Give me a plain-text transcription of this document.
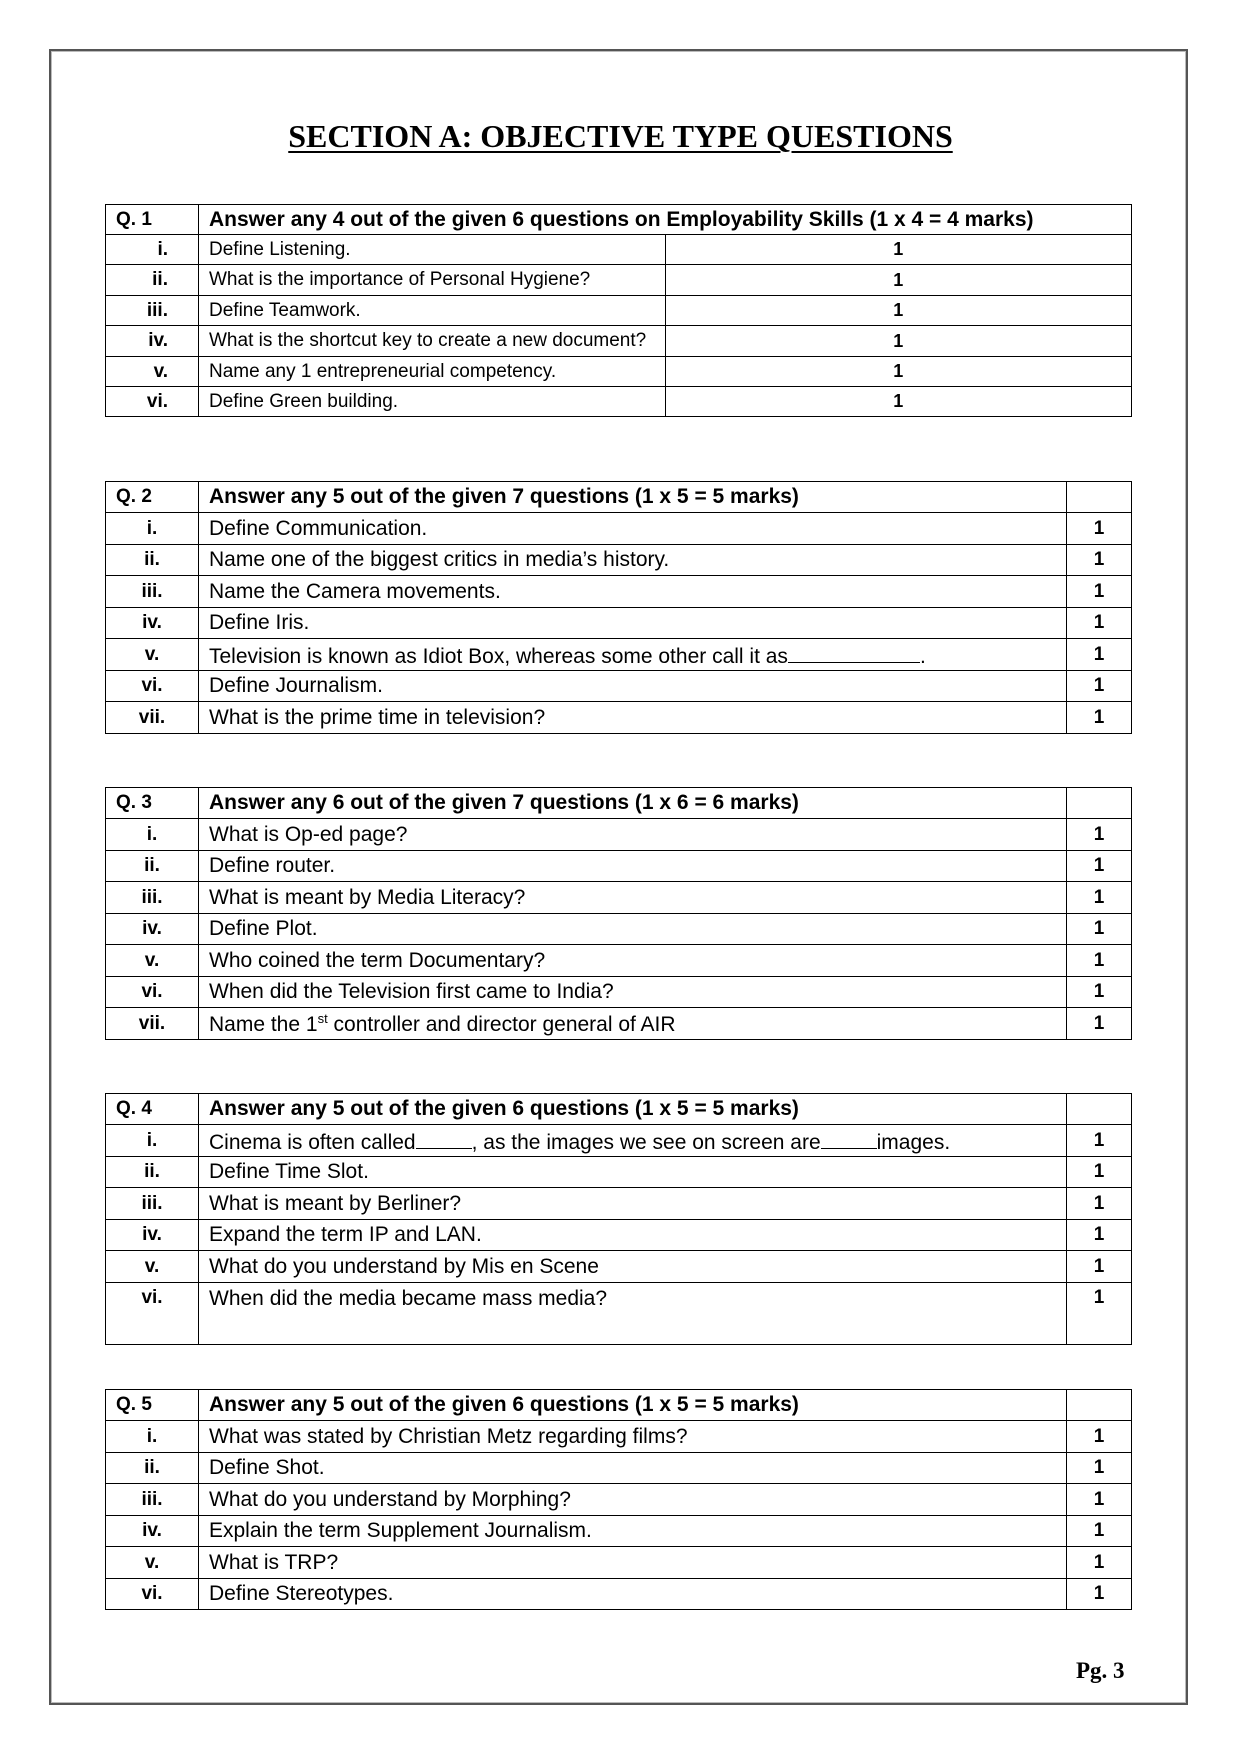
SECTION A: OBJECTIVE TYPE QUESTIONS
Q. 1	Answer any 4 out of the given 6 questions on Employability Skills (1 x 4 = 4 marks)	
i.	Define Listening.	1
ii.	What is the importance of Personal Hygiene?	1
iii.	Define Teamwork.	1
iv.	What is the shortcut key to create a new document?	1
v.	Name any 1 entrepreneurial competency.	1
vi.	Define Green building.	1
Q. 2	Answer any 5 out of the given 7 questions (1 x 5 = 5 marks)	
i.	Define Communication.	1
ii.	Name one of the biggest critics in media’s history.	1
iii.	Name the Camera movements.	1
iv.	Define Iris.	1
v.	Television is known as Idiot Box, whereas some other call it as .	1
vi.	Define Journalism.	1
vii.	What is the prime time in television?	1
Q. 3	Answer any 6 out of the given 7 questions (1 x 6 = 6 marks)	
i.	What is Op-ed page?	1
ii.	Define router.	1
iii.	What is meant by Media Literacy?	1
iv.	Define Plot.	1
v.	Who coined the term Documentary?	1
vi.	When did the Television first came to India?	1
vii.	Name the 1st controller and director general of AIR	1
Q. 4	Answer any 5 out of the given 6 questions (1 x 5 = 5 marks)	
i.	Cinema is often called , as the images we see on screen are images.	1
ii.	Define Time Slot.	1
iii.	What is meant by Berliner?	1
iv.	Expand the term IP and LAN.	1
v.	What do you understand by Mis en Scene	1
vi.	When did the media became mass media?	1
Q. 5	Answer any 5 out of the given 6 questions (1 x 5 = 5 marks)	
i.	What was stated by Christian Metz regarding films?	1
ii.	Define Shot.	1
iii.	What do you understand by Morphing?	1
iv.	Explain the term Supplement Journalism.	1
v.	What is TRP?	1
vi.	Define Stereotypes.	1
Pg. 3
